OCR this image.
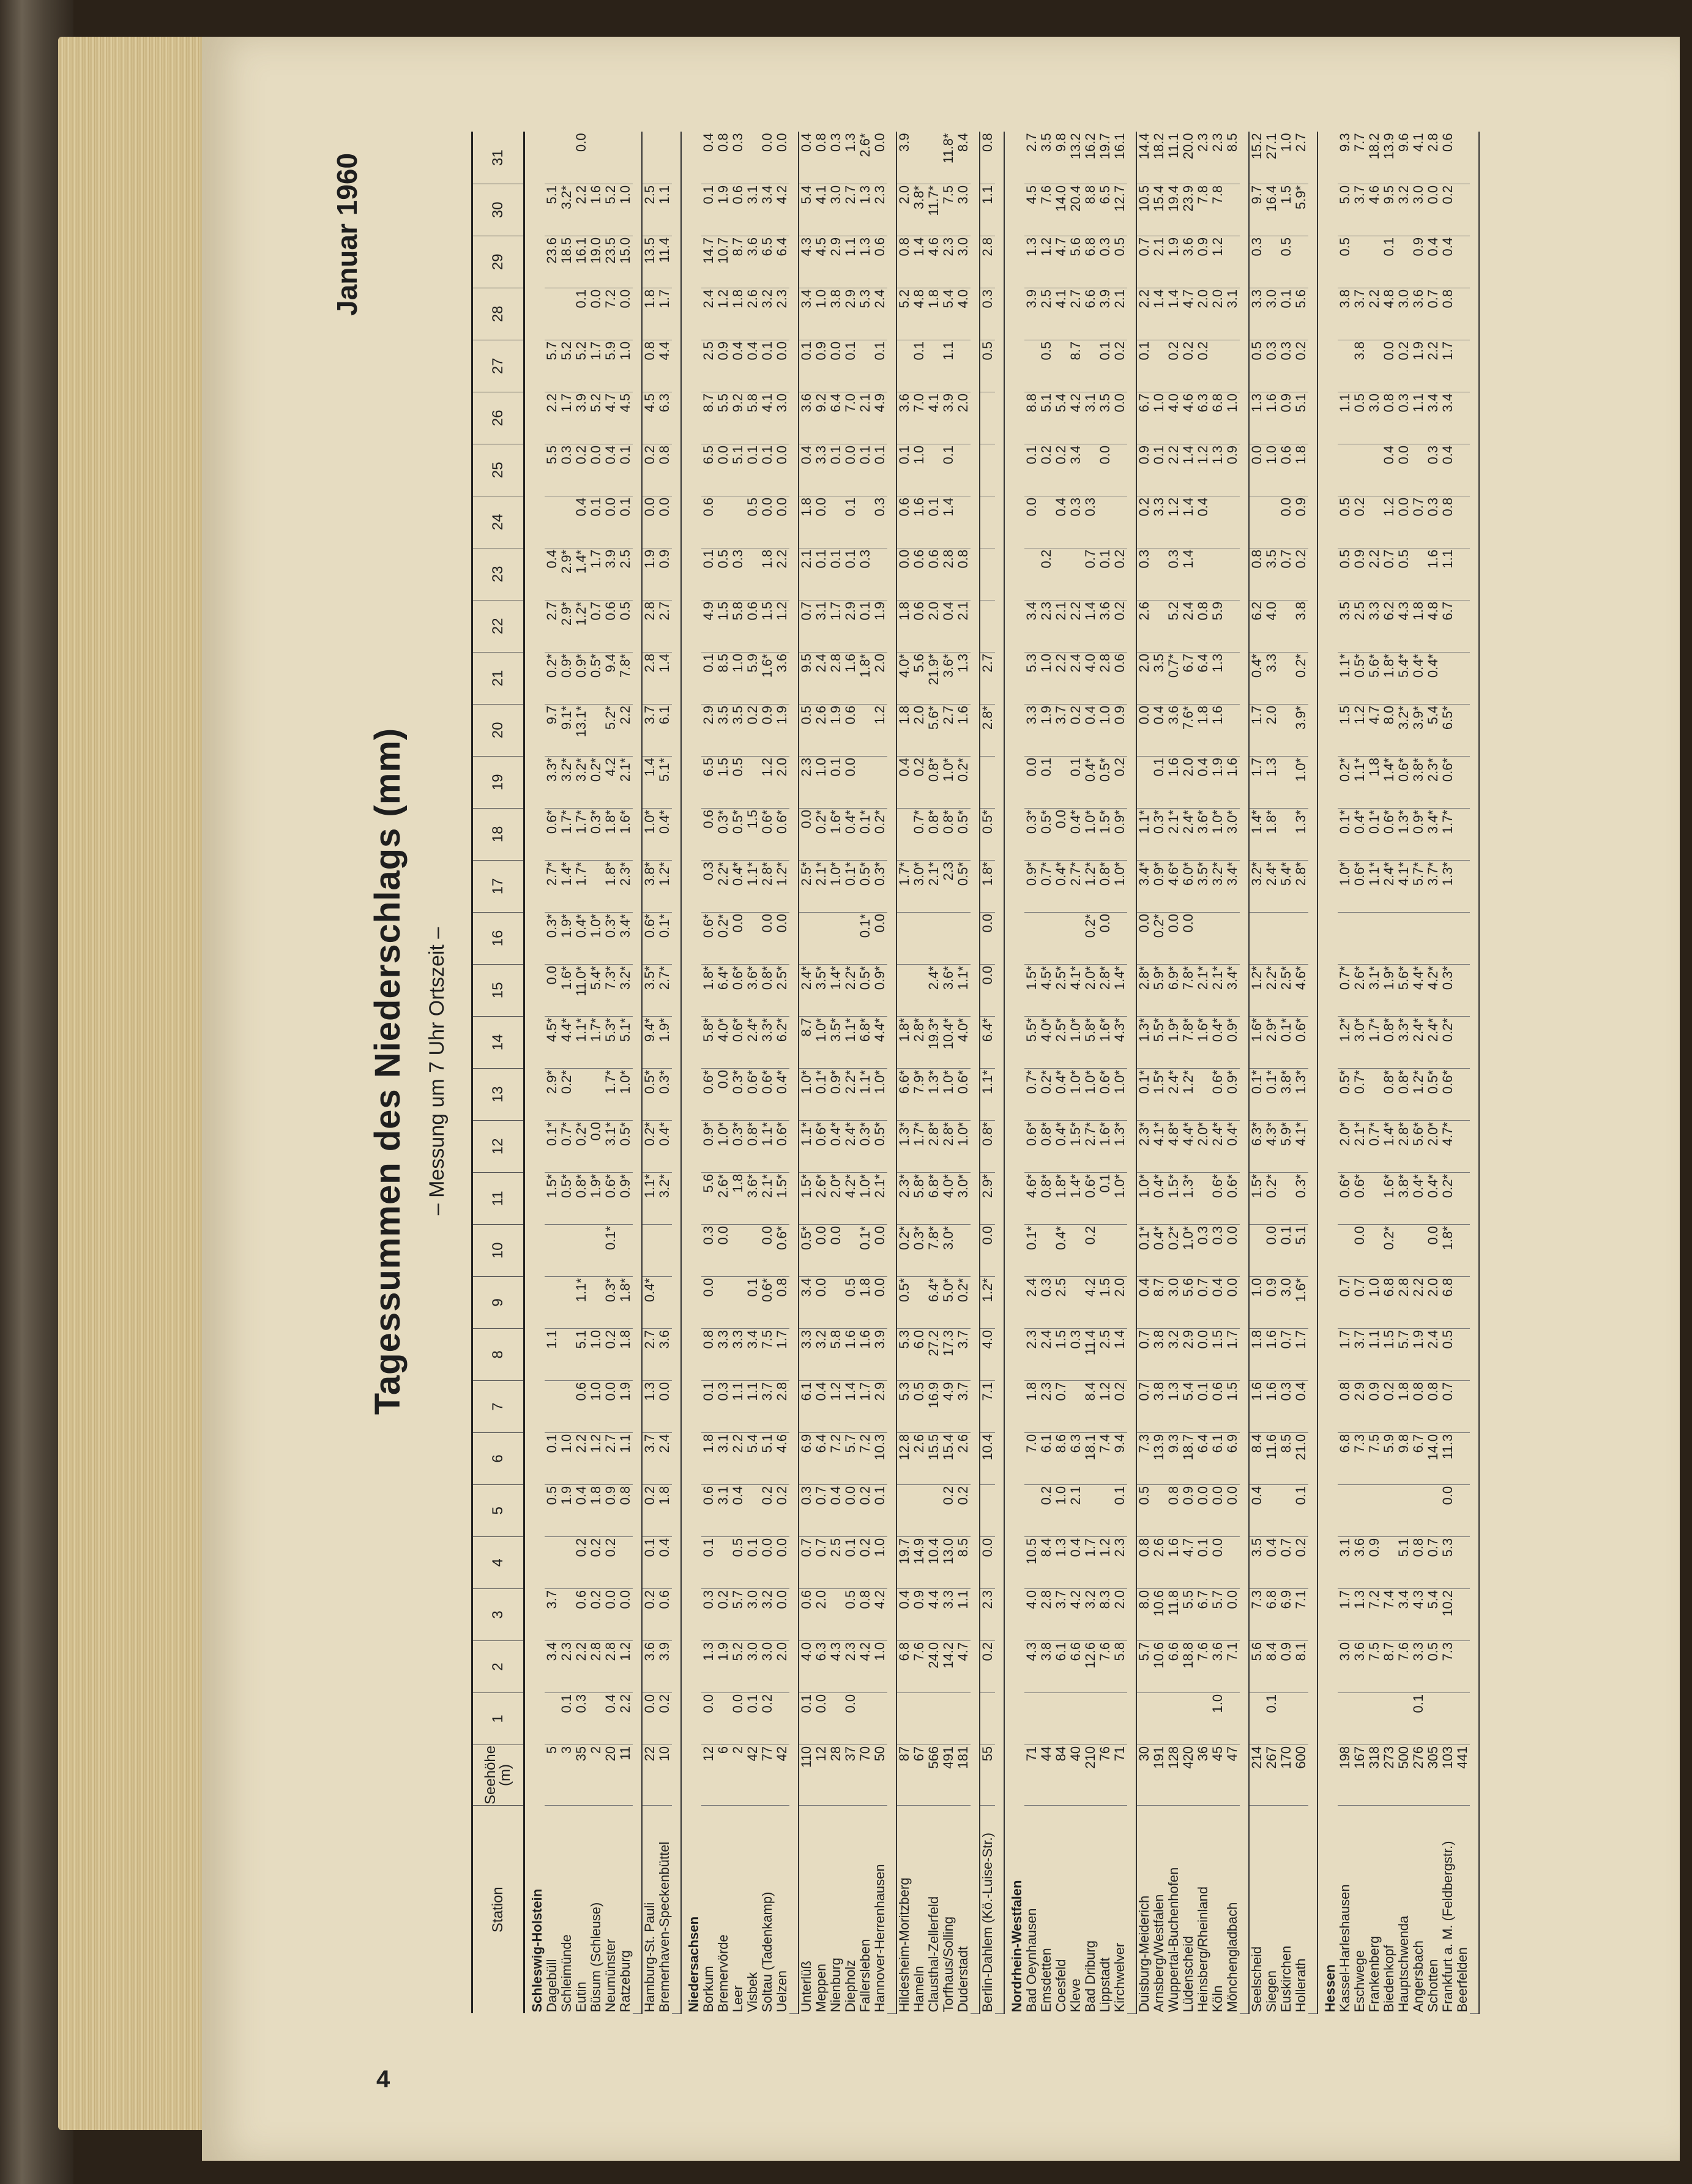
4
Januar 1960
Tagessummen des Niederschlags (mm) – Messung um 7 Uhr Ortszeit –
Station	Seehöhe (m)	1	2	3	4	5	6	7	8	9	10	11	12	13	14	15	16	17	18	19	20	21	22	23	24	25	26	27	28	29	30	31
Schleswig-Holstein																																
Dagebüll	5		3.4	3.7		0.5	0.1		1.1			1.5*	0.1*	2.9*	4.5*	0.0	0.3*	2.7*	0.6*	3.3*	9.7	0.2*	2.7	0.4		5.5	2.2	5.7		23.6	5.1	
Schleimünde	3	0.1	2.3			1.9	1.0					0.5*	0.7*	0.2*	4.4*	1.6*	1.9*	1.4*	1.7*	3.2*	9.1*	0.9*	2.9*	2.9*		0.3	1.7	5.2		18.5	3.2*	
Eutin	35	0.3	2.2	0.6	0.2	0.4	2.2	0.6	5.1	1.1*		0.8*	0.2*		1.1*	11.0*	0.4*	1.7*	1.7*	3.2*	13.1*	0.9*	1.2*	1.4*	0.4	0.2	3.9	5.2	0.1	16.1	2.2	0.0
Büsum (Schleuse)	2		2.8	0.2	0.2	1.8	1.2	1.0	1.0			1.9*	0.0		1.7*	5.4*	1.0*		0.3*	0.2*		0.5*	0.7	1.7	0.1	0.0	5.2	1.7	0.0	19.0	1.6	
Neumünster	20	0.4	2.8	0.0	0.2	0.9	2.7	0.0	0.2	0.3*	0.1*	0.6*	3.1*	1.7*	5.3*	7.3*	0.3*	1.8*	1.8*	4.2	5.2*	9.4	0.6	3.9	0.0	0.4	4.7	5.9	7.2	23.5	5.2	
Ratzeburg	11	2.2	1.2	0.0		0.8	1.1	1.9	1.8	1.8*		0.9*	0.5*	1.0*	5.1*	3.2*	3.4*	2.3*	1.6*	2.1*	2.2	7.8*	0.5	2.5	0.1	0.1	4.5	1.0	0.0	15.0	1.0	

Hamburg-St. Pauli	22	0.0	3.6	0.2	0.1	0.2	3.7	1.3	2.7	0.4*		1.1*	0.2*	0.5*	9.4*	3.5*	0.6*	3.8*	1.0*	1.4	3.7	2.8	2.8	1.9	0.0	0.2	4.5	0.8	1.8	13.5	2.5	
Bremerhaven-Speckenbüttel	10	0.2	3.9	0.6	0.4	1.8	2.4	0.0	3.6			3.2*	0.4*	0.3*	1.9*	2.7*	0.1*	1.2*	0.4*	5.1*	6.1	1.4	2.7	0.9	0.0	0.8	6.3	4.4	1.7	11.4	1.1	

Niedersachsen																																
Borkum	12	0.0	1.3	0.3	0.1	0.6	1.8	0.1	0.8	0.0	0.3	5.6	0.9*	0.6*	5.8*	1.8*	0.6*	0.3	0.6	6.5	2.9	0.1	4.9	0.1	0.6	6.5	8.7	2.5	2.4	14.7	0.1	0.4
Bremervörde	6		1.9	0.2		3.1	3.1	0.3	3.3		0.0	2.6*	1.0*	0.0	4.0*	6.4*	0.2*	2.2*	0.3*	1.5	3.5	8.5	1.5	0.5		0.0	5.5	0.9	1.2	10.7	1.9	0.8
Leer	2	0.0	5.2	5.7	0.5	0.4	2.2	1.1	3.3			1.8	0.3*	0.3*	0.6*	0.6*	0.0	0.4*	0.5*	0.5	3.5	1.0	5.8	0.3		5.1	9.2	0.4	1.8	8.7	0.6	0.3
Visbek	42	0.1	3.0	3.0	0.1		5.4	1.1	3.4	0.1		3.6*	0.8*	0.6*	2.4*	3.6*		1.1*	1.5		0.2	5.9	0.6		0.5	0.1	5.8	0.4	2.6	3.6	3.1	
Soltau (Tadenkamp)	77	0.2	3.0	3.2	0.0	0.2	5.1	3.7	7.5	0.6*	0.0	2.1*	1.1*	0.6*	3.3*	0.8*	0.0	2.8*	0.6*	1.2	0.9	1.6*	1.5	1.8	0.0	0.1	4.1	0.1	3.2	6.5	3.4	0.0
Uelzen	42		2.0	0.0	0.0	0.2	4.6	2.8	1.7	0.8	0.6*	1.5*	0.6*	0.4*	6.2*	2.5*	0.0	1.2*	0.6*	2.0	1.9	3.6	1.2	2.2	0.0	0.0	3.0	0.0	2.3	6.4	4.2	0.0

Unterlüß	110	0.1	4.0	0.6	0.7	0.3	6.9	6.1	3.3	3.4	0.5*	1.5*	1.1*	1.0*	8.7	2.4*		2.5*	0.0	2.3	0.5	9.5	0.7	2.1	1.8	0.4	3.6	0.1	3.4	4.3	5.4	0.4
Meppen	12	0.0	6.3	2.0	0.7	0.7	6.4	0.4	3.2	0.0	0.0	2.6*	0.6*	0.1*	1.0*	3.5*		2.1*	0.2*	1.0	2.6	2.4	3.1	0.1	0.0	3.3	9.2	0.9	1.0	4.5	4.1	0.8
Nienburg	28		4.3		2.5	0.4	7.2	1.2	5.8		0.0	2.0*	0.4*	0.9*	3.5*	1.4*		1.0*	1.6*	0.1	1.9	2.8	1.7	0.1		0.1	6.4	0.0	3.8	2.9	3.0	0.3
Diepholz	37	0.0	2.3	0.5	0.1	0.0	5.7	1.4	1.6	0.5		4.2*	2.4*	2.2*	1.1*	2.2*		0.1*	0.4*	0.0	0.6	1.6	2.9	0.1	0.1	0.0	7.0	0.1	2.9	1.1	2.7	1.3
Fallersleben	70		4.2	0.8	0.2	0.2	7.2	1.7	1.6	1.8	0.1*	1.0*	0.3*	1.1*	6.8*	0.5*	0.1*	0.5*	0.1*			1.8*	0.1	0.3		0.1	2.1		5.3	1.3	1.3	2.6*
Hannover-Herrenhausen	50		1.0	4.2	1.0	0.1	10.3	2.9	3.9	0.0	0.0	2.1*	0.5*	1.0*	4.4*	0.9*	0.0	0.3*	0.2*		1.2	2.0	1.9		0.3	0.1	4.9	0.1	2.4	0.6	2.3	0.0

Hildesheim-Moritzberg	87		6.8	0.4	19.7		12.8	5.3	5.3	0.5*	0.2*	2.3*	1.3*	6.6*	1.8*			1.7*		0.4	1.8	4.0*	1.8	0.0	0.6	0.1	3.6		5.2	0.8	2.0	3.9
Hameln	67		7.6	0.9	14.9		2.6	0.5	6.0		0.3*	5.8*	1.7*	7.9*	2.8*			3.0*	0.7*	0.2	2.0	5.6	0.6	0.6	1.6	1.0	7.0	0.1	4.8	1.4	3.8*	
Clausthal-Zellerfeld	566		24.0	4.4	10.4		15.5	16.9	27.2	6.4*	7.8*	6.8*	2.8*	1.3*	19.3*	2.4*		2.1*	0.8*	0.8*	5.6*	21.9*	2.0	0.6	0.1		4.1		1.8	4.6	11.7*	
Torfhaus/Solling	491		14.2	3.3	13.0	0.2	15.4	4.9	17.3	5.0*	3.0*	4.0*	2.8*	1.0*	10.4*	3.6*		2.3	0.8*	1.0*	2.7	3.6*	0.4	2.8	1.4	0.1	3.9	1.1	5.4	2.3	7.5	11.8*
Duderstadt	181		4.7	1.1	8.5	0.2	2.6	3.7	3.7	0.2*		3.0*	1.0*	0.6*	4.0*	1.1*		0.5*	0.5*	0.2*	1.6	1.3	2.1	0.8			2.0		4.0	3.0	3.0	8.4

Berlin-Dahlem (Kö.-Luise-Str.)	55		0.2	2.3	0.0		10.4	7.1	4.0	1.2*	0.0	2.9*	0.8*	1.1*	6.4*	0.0	0.0	1.8*	0.5*		2.8*	2.7						0.5	0.3	2.8	1.1	0.8

Nordrhein-Westfalen																																
Bad Oeynhausen	71		4.3	4.0	10.5		7.0	1.8	2.3	2.4	0.1*	4.6*	0.6*	0.7*	5.5*	1.5*		0.9*	0.3*	0.0	3.3	5.3	3.4		0.0	0.1	8.8		3.9	1.3	4.5	2.7
Emsdetten	44		3.8	2.8	8.4	0.2	6.1	2.3	2.4	0.3		0.8*	0.8*	0.2*	4.0*	4.5*		0.7*	0.5*	0.1	1.9	1.0	2.3	0.2		0.2	5.1	0.5	2.5	1.2	7.6	3.5
Coesfeld	84		6.1	3.7	1.3	1.0	8.6	0.7	1.5	2.5	0.4*	1.8*	0.4*	0.4*	2.5*	2.5*		0.4*	0.0		3.7	2.2	2.1		0.4	0.2	5.4		4.1	4.7	14.0	9.8
Kleve	40		6.6	4.2	0.4	2.1	6.3		0.3			1.4*	1.5*	1.0*	1.0*	4.1*		2.7*	0.4*	0.1	0.2	2.4	2.2		0.3	3.4	4.2	8.7	2.7	5.6	20.4	13.2
Bad Driburg	210		12.6	3.2	1.7		18.1	8.4	11.4	4.2	0.2	0.6*	2.7*	1.0*	5.8*	2.0*	0.2*	1.2*	1.0*	0.4*	0.4	4.0	1.4	0.7	0.3		3.1		6.6	6.8	8.8	16.2
Lippstadt	76		7.6	8.3	1.2		7.4	1.2	2.5	1.5		0.1	1.6*	0.6*	1.6*	2.8*	0.0	0.8*	1.5*	0.5*	1.0	2.8	3.6	0.1		0.0	3.5	0.1	3.9	0.3	6.5	19.7
Kirchwelver	71		5.8	2.0	2.3	0.1	9.4	0.2	1.4	2.0		1.0*	1.3*	1.0*	4.3*	1.4*		1.0*	0.9*	0.2	0.9	0.6	0.2	0.2			0.0	0.2	2.1	0.5	12.7	16.1

Duisburg-Meiderich	30		5.7	8.0	0.8	0.5	7.3	0.7	0.7	0.4	0.1*	1.0*	2.3*	0.1*	1.3*	2.8*	0.0	3.4*	1.1*		0.0	2.0	2.6	0.3	0.2	0.9	6.7	0.1	2.2	0.7	10.5	14.4
Arnsberg/Westfalen	191		10.6	10.6	2.6		13.9	3.8	3.8	8.7	0.4*	0.4*	4.1*	1.5*	5.5*	5.9*	0.2*	0.9*	0.3*	0.1	0.4	3.5			3.3	0.1	1.0		1.4	2.1	15.4	18.2
Wuppertal-Buchenhofen	128		6.6	11.8	1.6	0.8	9.3	1.3	3.2	3.0	0.2*	1.5*	4.8*	2.4*	1.9*	6.9*	0.0	4.6*	2.1*	1.6	3.6	0.7*	5.2	0.3	1.2	2.2	4.0	0.2	1.4	1.9	19.4	11.1
Lüdenscheid	420		18.8	5.5	4.7	0.9	18.7	5.4	2.9	5.6	1.0*	1.3*	4.4*	1.2*	7.8*	7.8*	0.0	6.0*	2.4*	2.0	7.6*	6.7	2.4	1.4	1.4	1.4	4.6	0.2	4.7	3.6	23.9	20.0
Heinsberg/Rheinland	36		7.6	6.7	0.1	0.0	6.4	0.1	0.0	0.7	0.3		2.0*		1.6*	2.1*		3.5*	3.6*	0.4	1.8	6.4	0.8		0.4	1.2	6.3	0.2	2.0	0.9	7.8	2.3
Köln	45	1.0	3.6	5.7	0.0	0.0	6.1	0.6	1.5	0.4	0.3	0.6*	2.4*	0.6*	0.4*	2.1*		3.2*	1.0*	1.9	1.6	1.3	5.9			1.3	6.8		2.0	1.2	7.8	2.3
Mönchengladbach	47		7.1	0.0		0.0	6.9	1.5	1.7	0.0	0.0	0.6*	0.4*	0.9*	0.9*	3.4*		3.4*	3.0*	1.6						0.9	1.0		3.1			8.5

Seelscheid	214		5.6	7.3	3.5	0.4	8.4	1.6	1.8	1.0		1.5*	6.3*	0.1*	1.6*	1.2*		3.2*	1.4*	1.7	1.7	0.4*	6.2	0.8		0.0	1.3	0.5	3.3	0.3	9.7	15.2
Siegen	267	0.1	8.4	6.8	0.4		11.6	1.6	1.6	0.9	0.0	0.2*	4.3*	0.1*	2.9*	2.2*		2.4*	1.8*	1.3	2.0	3.3	4.0	3.5		1.0	1.6	0.3	3.0		16.4	27.1
Euskirchen	170		0.9	6.9	0.7		8.5	0.3	0.7	3.0	0.1		5.9*	3.8*	0.1*	2.5*		5.4*						0.7	0.0	0.6	0.9	0.3	0.1	0.5	1.5	1.0
Hollerath	600		8.1	7.1	0.2	0.1	21.0	0.4	1.7	1.6*	5.1	0.3*	4.1*	1.3*	0.6*	4.6*		2.8*	1.3*	1.0*	3.9*	0.2*	3.8	0.2	0.9	1.8	5.1	0.2	5.6		5.9*	2.7

Hessen																																
Kassel-Harleshausen	198		3.0	1.7	3.1		6.8	0.8	1.7	0.7		0.6*	2.0*	0.5*	1.2*	0.7*		1.0*	0.1*	0.2*	1.5	1.1*	3.5	0.5	0.5		1.1		3.8	0.5	5.0	9.3
Eschwege	167		3.6	1.3	3.6		7.3	2.9	3.7	0.7	0.0	0.6*	2.1*	0.7*	3.0*	2.6*		0.6*	0.4*	1.1*	1.2	0.5*	2.5	0.9	0.2		0.5	3.8	3.7		3.7	7.7
Frankenberg	318		7.5	7.2	0.9		7.5	0.9	1.1	1.0			0.7*		1.7*	3.1*		1.1*	0.1*	1.8	4.7	5.6*	3.3	2.2			3.0		2.2		4.6	18.2
Biedenkopf	273		8.7	7.4			5.9	0.2	1.5	6.8	0.2*	1.6*	1.4*	0.8*	0.8*	1.9*		2.4*	0.6*	1.4*	8.0	1.8*	6.2	0.7	1.2	0.4	0.8	0.0	4.8	0.1	9.5	13.9
Hauptschwenda	500		7.6	3.4	5.1		9.8	1.8	5.7	2.8		3.8*	2.8*	0.8*	3.3*	5.6*		4.1*	1.3*	0.6*	3.2*	5.4*	4.3	0.5	0.0	0.0	0.3	0.2	3.0		3.2	9.6
Angersbach	276	0.1	3.3	4.3	0.8		6.7	0.8	1.9	2.2		0.4*	5.6*	1.2*	2.4*	4.4*		5.7*	0.9*	3.8*	3.9*	0.4*	1.8		0.7		1.1	1.9	3.6	0.9	3.0	4.1
Schotten	305		0.5	5.4	0.7		14.0	0.8	2.4	2.0	0.0	0.4*	2.0*	0.5*	2.4*	4.2*		3.7*	3.4*	2.3*	5.4	0.4*	4.8	1.6	0.3	0.3	3.4	2.2	0.7	0.4	0.0	2.8
Frankfurt a. M. (Feldbergstr.)	103		7.3	10.2	5.3	0.0	11.3	0.7	0.5	6.8	1.8*	0.2*	4.7*	0.6*	0.2*	0.3*		1.3*	1.7*	0.6*	6.5*		6.7	1.1	0.8	0.4	3.4	1.7	0.8	0.4	0.2	0.6
Beerfelden	441																															
